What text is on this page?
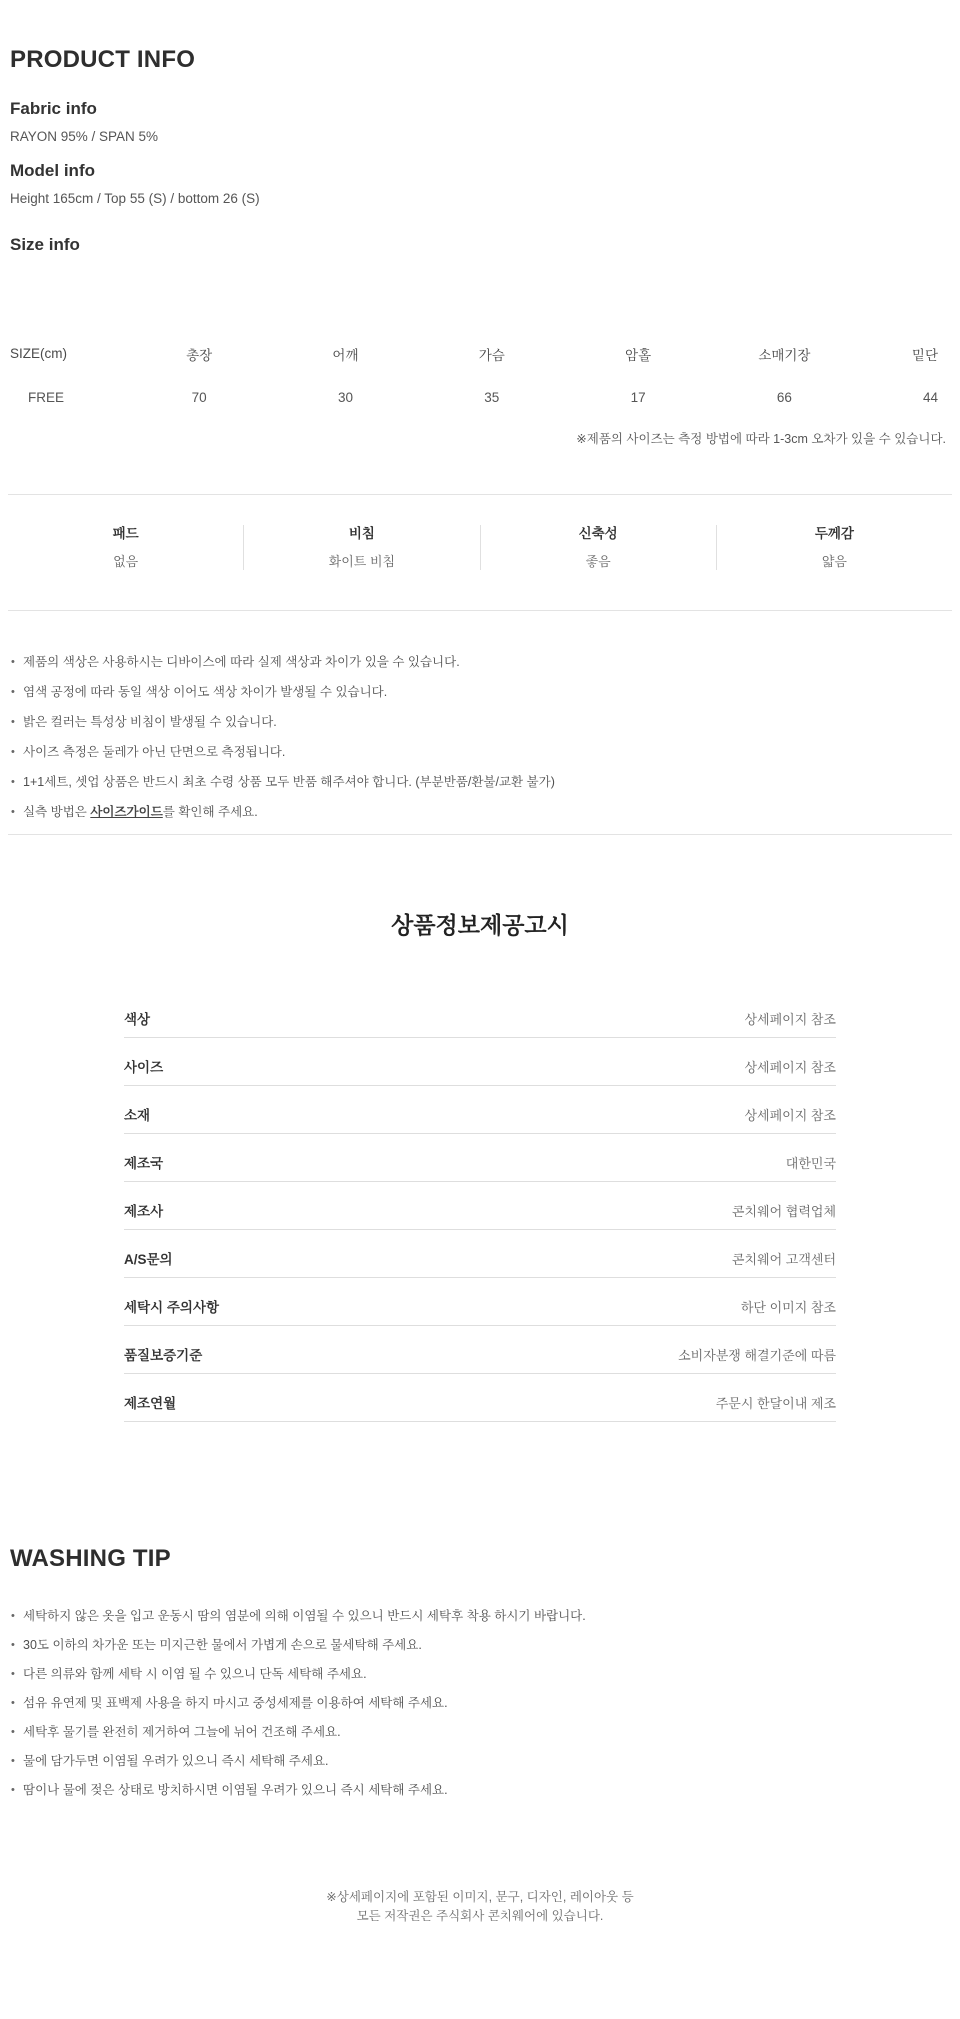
PRODUCT INFO
Fabric info
RAYON 95% / SPAN 5%
Model info
Height 165cm / Top 55 (S) / bottom 26 (S)
Size info
SIZE(cm)	총장	어깨	가슴	암홀	소매기장	밑단
FREE	70	30	35	17	66	44
※제품의 사이즈는 측정 방법에 따라 1-3cm 오차가 있을 수 있습니다.
패드
없음
비침
화이트 비침
신축성
좋음
두께감
얇음
• 제품의 색상은 사용하시는 디바이스에 따라 실제 색상과 차이가 있을 수 있습니다.
• 염색 공정에 따라 동일 색상 이어도 색상 차이가 발생될 수 있습니다.
• 밝은 컬러는 특성상 비침이 발생될 수 있습니다.
• 사이즈 측정은 둘레가 아닌 단면으로 측정됩니다.
• 1+1세트, 셋업 상품은 반드시 최초 수령 상품 모두 반품 해주셔야 합니다. (부분반품/환불/교환 불가)
• 실측 방법은 사이즈가이드를 확인해 주세요.
상품정보제공고시
색상	상세페이지 참조
사이즈	상세페이지 참조
소재	상세페이지 참조
제조국	대한민국
제조사	콘치웨어 협력업체
A/S문의	콘치웨어 고객센터
세탁시 주의사항	하단 이미지 참조
품질보증기준	소비자분쟁 해결기준에 따름
제조연월	주문시 한달이내 제조
WASHING TIP
• 세탁하지 않은 옷을 입고 운동시 땀의 염분에 의해 이염될 수 있으니 반드시 세탁후 착용 하시기 바랍니다.
• 30도 이하의 차가운 또는 미지근한 물에서 가볍게 손으로 물세탁해 주세요.
• 다른 의류와 함께 세탁 시 이염 될 수 있으니 단독 세탁해 주세요.
• 섬유 유연제 및 표백제 사용을 하지 마시고 중성세제를 이용하여 세탁해 주세요.
• 세탁후 물기를 완전히 제거하여 그늘에 뉘어 건조해 주세요.
• 물에 담가두면 이염될 우려가 있으니 즉시 세탁해 주세요.
• 땀이나 물에 젖은 상태로 방치하시면 이염될 우려가 있으니 즉시 세탁해 주세요.
※상세페이지에 포함된 이미지, 문구, 디자인, 레이아웃 등
모든 저작권은 주식회사 콘치웨어에 있습니다.
